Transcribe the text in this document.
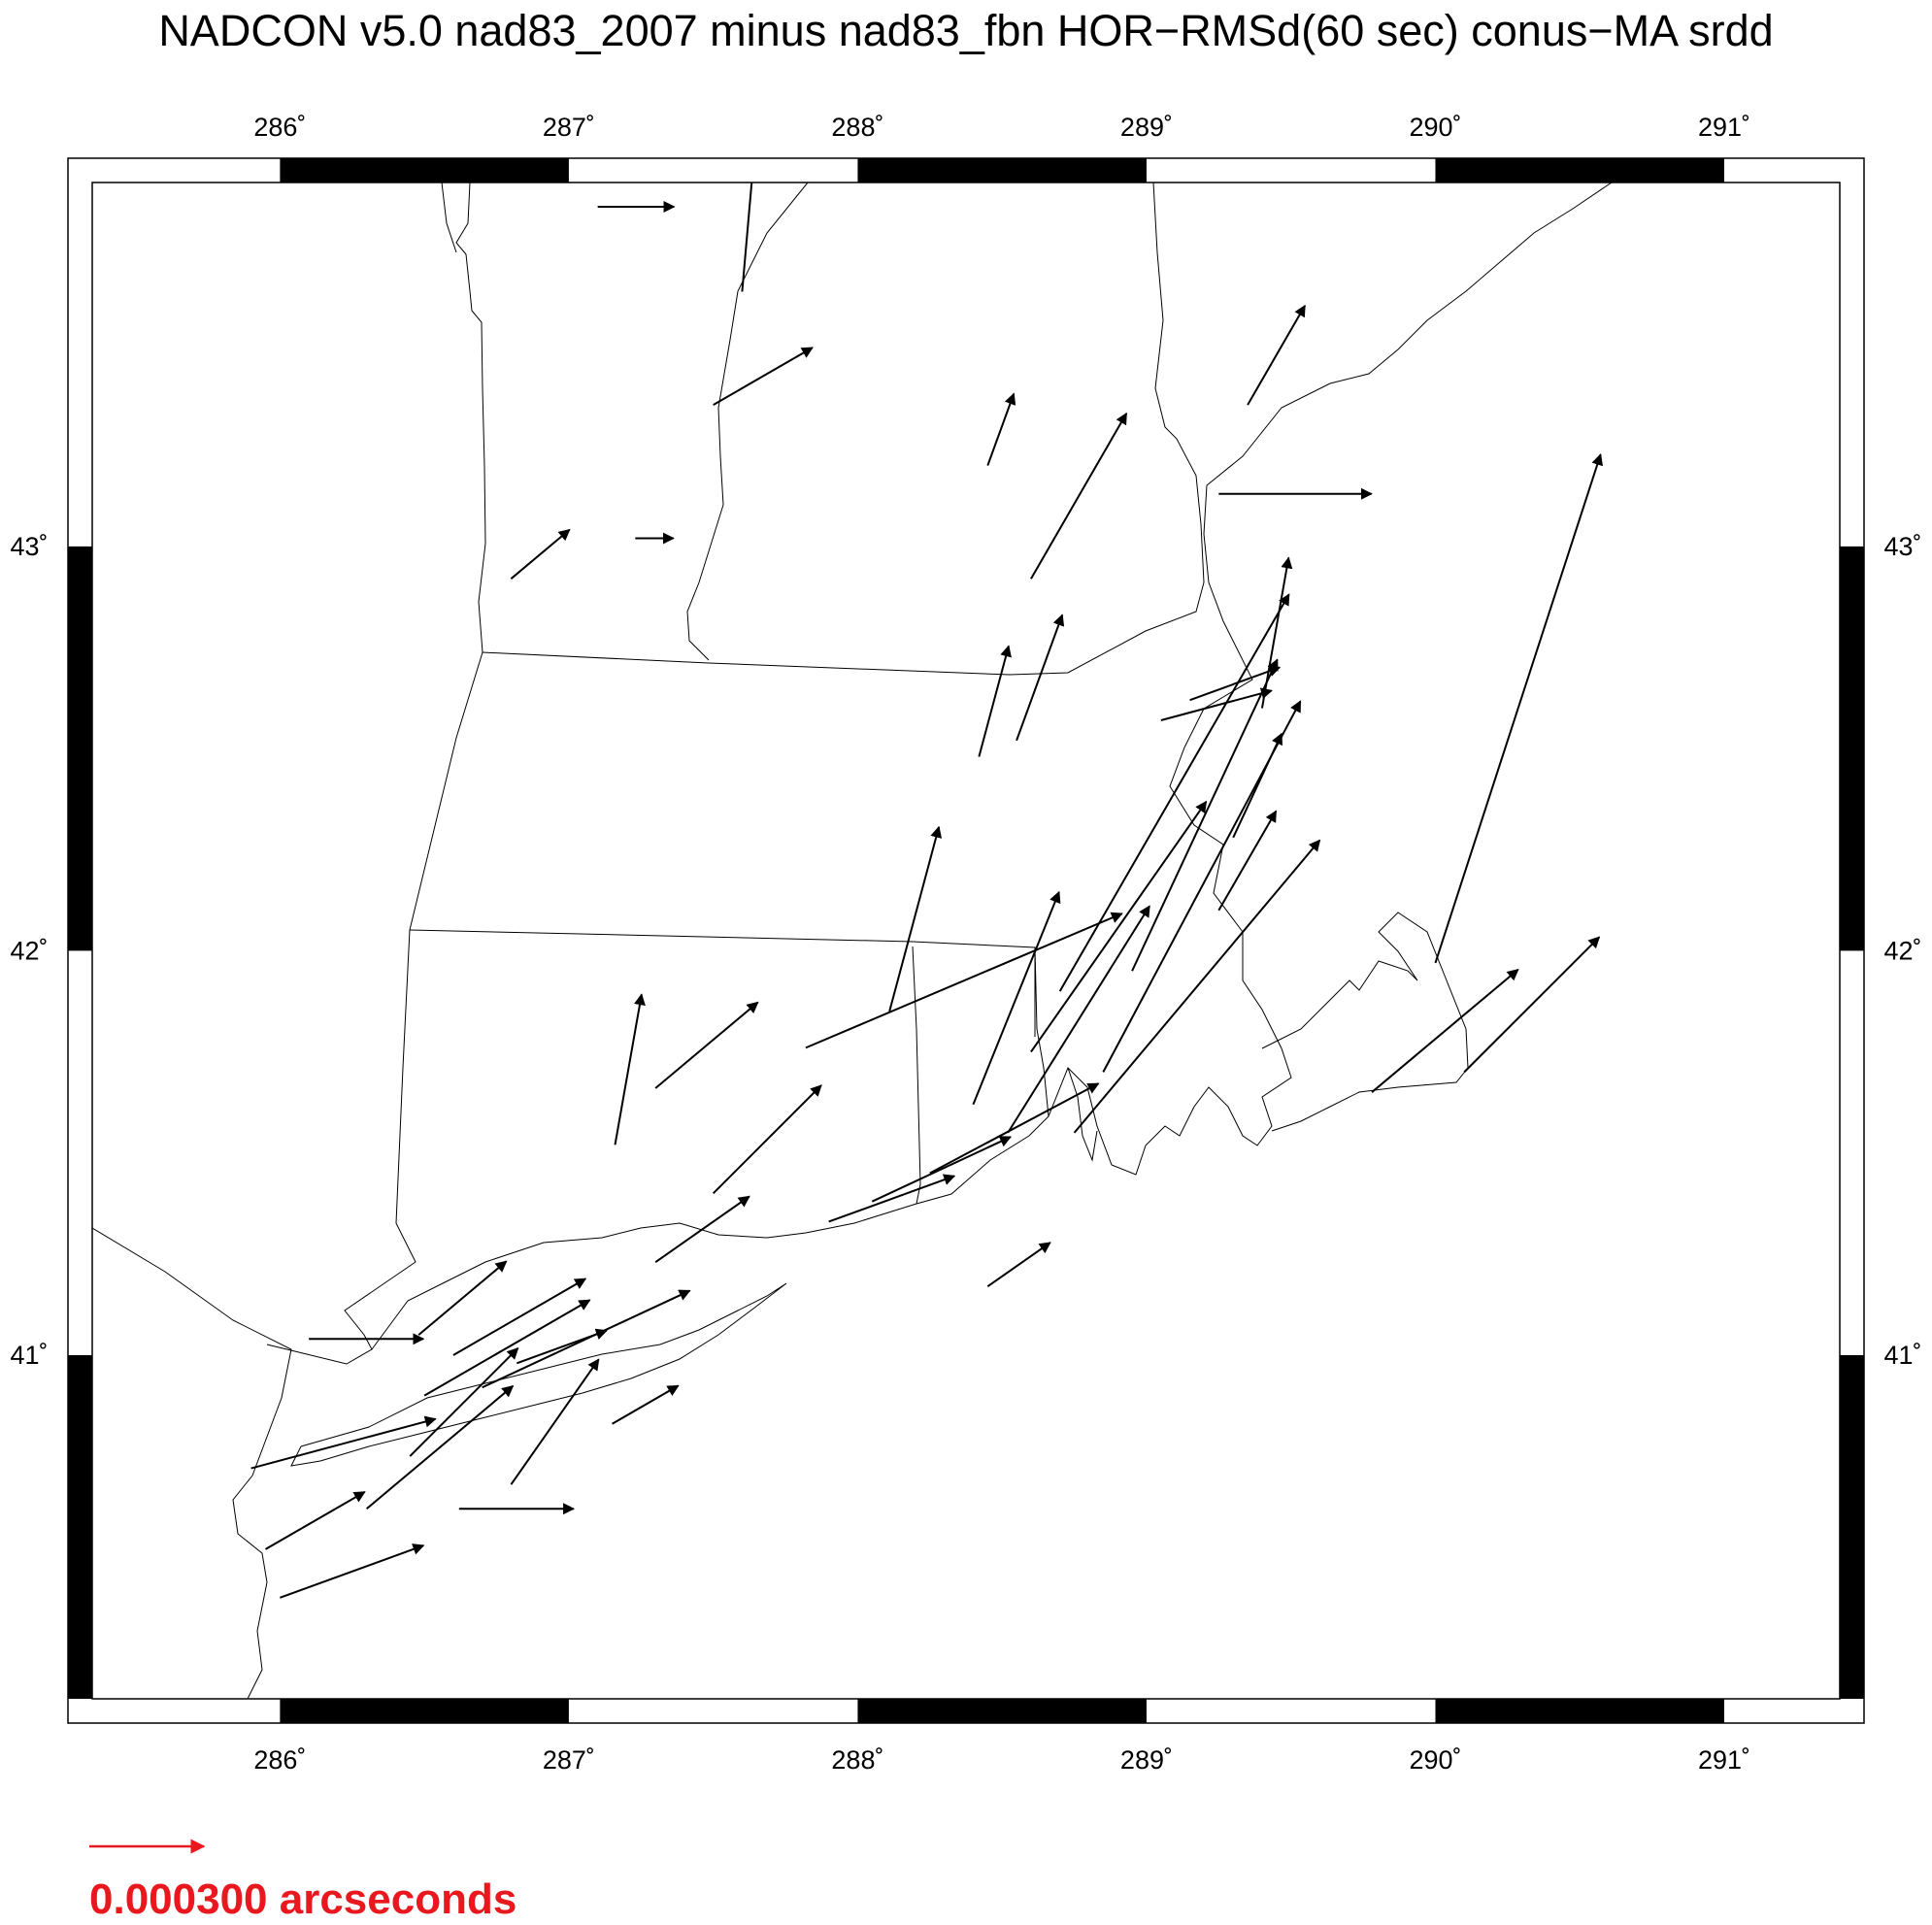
NADCON v5.0 nad83_2007 minus nad83_fbn HOR−RMSd(60 sec) conus−MA srdd
286˚
286˚
287˚
287˚
288˚
288˚
289˚
289˚
290˚
290˚
291˚
291˚
41˚	41˚
42˚	42˚
43˚	43˚
0.000300 arcseconds
